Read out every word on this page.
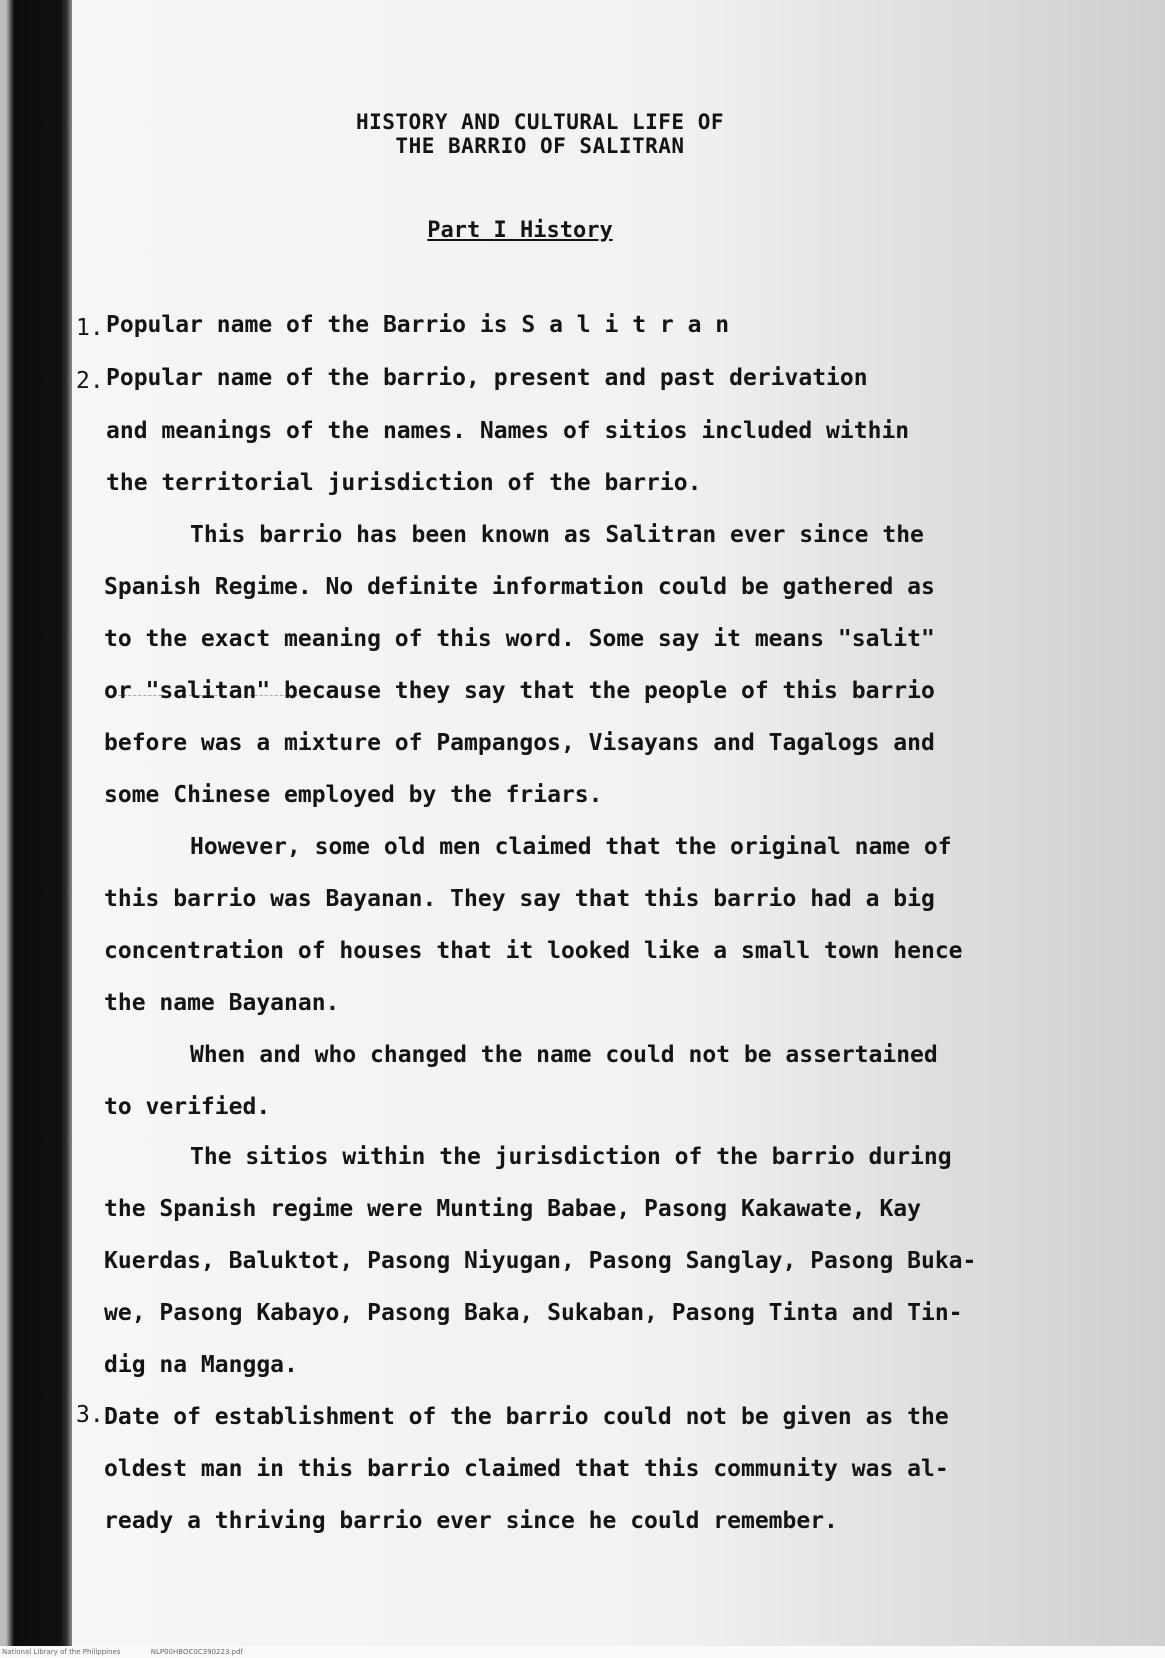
HISTORY AND CULTURAL LIFE OF
THE BARRIO OF SALITRAN
Part I History
1. Popular name of the Barrio is S a l i t r a n
2. Popular name of the barrio, present and past derivation
and meanings of the names. Names of sitios included within
the territorial jurisdiction of the barrio.
This barrio has been known as Salitran ever since the
Spanish Regime. No definite information could be gathered as
to the exact meaning of this word. Some say it means "salit"
or "salitan" because they say that the people of this barrio
before was a mixture of Pampangos, Visayans and Tagalogs and
some Chinese employed by the friars.
However, some old men claimed that the original name of
this barrio was Bayanan. They say that this barrio had a big
concentration of houses that it looked like a small town hence
the name Bayanan.
When and who changed the name could not be assertained
to verified.
The sitios within the jurisdiction of the barrio during
the Spanish regime were Munting Babae, Pasong Kakawate, Kay
Kuerdas, Baluktot, Pasong Niyugan, Pasong Sanglay, Pasong Buka-
we, Pasong Kabayo, Pasong Baka, Sukaban, Pasong Tinta and Tin-
dig na Mangga.
3. Date of establishment of the barrio could not be given as the
oldest man in this barrio claimed that this community was al-
ready a thriving barrio ever since he could remember.
National Library of the Philippines	NLP00HBOC0C390223.pdf
